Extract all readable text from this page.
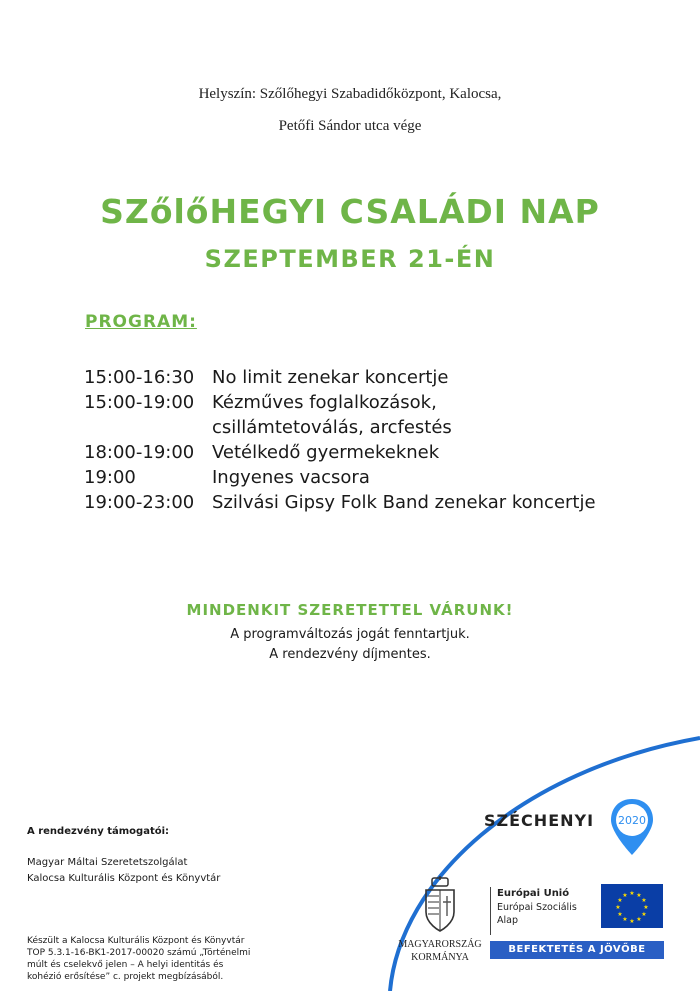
Helyszín: Szőlőhegyi Szabadidőközpont, Kalocsa,
Petőfi Sándor utca vége
SZőlőHEGYI CSALÁDI NAP
SZEPTEMBER 21-ÉN
PROGRAM:
15:00-16:30 No limit zenekar koncertje
15:00-19:00 Kézműves foglalkozások,
csillámtetoválás, arcfestés
18:00-19:00 Vetélkedő gyermekeknek
19:00	Ingyenes vacsora
19:00-23:00 Szilvási Gipsy Folk Band zenekar koncertje
MINDENKIT SZERETETTEL VÁRUNK!
A programváltozás jogát fenntartjuk.
A rendezvény díjmentes.
A rendezvény támogatói:
Magyar Máltai Szeretetszolgálat
Kalocsa Kulturális Központ és Könyvtár
Készült a Kalocsa Kulturális Központ és Könyvtár
TOP 5.3.1-16-BK1-2017-00020 számú „Történelmi
múlt és cselekvő jelen – A helyi identitás és
kohézió erősítése” c. projekt megbízásából.
SZÉCHENYI 2020
MAGYARORSZÁG
KORMÁNYA
Európai Unió
Európai Szociális
Alap
★ ★
★
★
★
★
★
★
★
★
★
★
BEFEKTETÉS A JÖVŐBE
